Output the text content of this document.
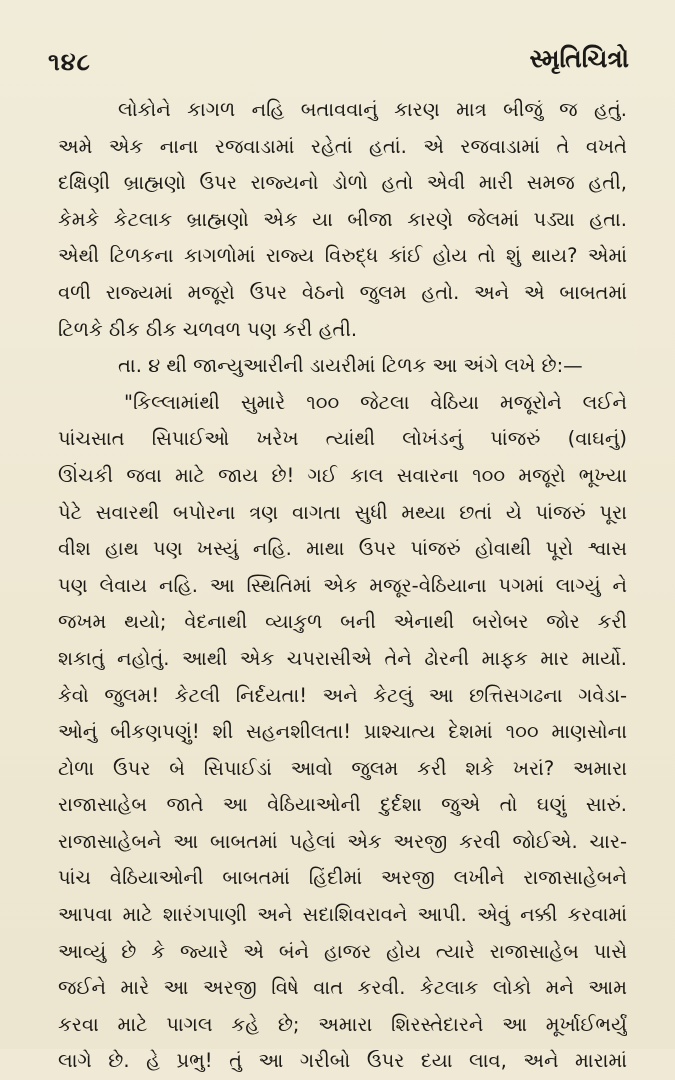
૧૪૮	સ્મૃતિચિત્રો
લોકોને કાગળ નહિ બતાવવાનું કારણ માત્ર બીજું જ હતું.
અમે એક નાના રજવાડામાં રહેતાં હતાં. એ રજવાડામાં તે વખતે
દક્ષિણી બ્રાહ્મણો ઉપર રાજ્યનો ડોળો હતો એવી મારી સમજ હતી,
કેમકે કેટલાક બ્રાહ્મણો એક યા બીજા કારણે જેલમાં પડ્યા હતા.
એથી ટિળકના કાગળોમાં રાજ્ય વિરુદ્ધ કાંઈ હોય તો શું થાય? એમાં
વળી રાજ્યમાં મજૂરો ઉપર વેઠનો જુલમ હતો. અને એ બાબતમાં
ટિળકે ઠીક ઠીક ચળવળ પણ કરી હતી.
તા. ૪ થી જાન્યુઆરીની ડાયરીમાં ટિળક આ અંગે લખે છે:—
"કિલ્લામાંથી સુમારે ૧૦૦ જેટલા વેઠિયા મજૂરોને લઈને
પાંચસાત સિપાઈઓ ખરેખ ત્યાંથી લોખંડનું પાંજરું (વાઘનું)
ઊંચકી જવા માટે જાય છે! ગઈ કાલ સવારના ૧૦૦ મજૂરો ભૂખ્યા
પેટે સવારથી બપોરના ત્રણ વાગતા સુધી મથ્યા છતાં યે પાંજરું પૂરા
વીશ હાથ પણ ખસ્યું નહિ. માથા ઉપર પાંજરું હોવાથી પૂરો શ્વાસ
પણ લેવાય નહિ. આ સ્થિતિમાં એક મજૂર-વેઠિયાના પગમાં લાગ્યું ને
જખમ થયો; વેદનાથી વ્યાકુળ બની એનાથી બરોબર જોર કરી
શકાતું નહોતું. આથી એક ચપરાસીએ તેને ઢોરની માફક માર માર્યો.
કેવો જુલમ! કેટલી નિર્દયતા! અને કેટલું આ છત્તિસગઢના ગવેડા-
ઓનું બીકણપણું! શી સહનશીલતા! પ્રાશ્ચાત્ય દેશમાં ૧૦૦ માણસોના
ટોળા ઉપર બે સિપાઈડાં આવો જુલમ કરી શકે ખરાં? અમારા
રાજાસાહેબ જાતે આ વેઠિયાઓની દુર્દશા જુએ તો ઘણું સારું.
રાજાસાહેબને આ બાબતમાં પહેલાં એક અરજી કરવી જોઈએ. ચાર-
પાંચ વેઠિયાઓની બાબતમાં હિંદીમાં અરજી લખીને રાજાસાહેબને
આપવા માટે શારંગપાણી અને સદાશિવરાવને આપી. એવું નક્કી કરવામાં
આવ્યું છે કે જ્યારે એ બંને હાજર હોય ત્યારે રાજાસાહેબ પાસે
જઈને મારે આ અરજી વિષે વાત કરવી. કેટલાક લોકો મને આમ
કરવા માટે પાગલ કહે છે; અમારા શિરસ્તેદારને આ મૂર્ખાઈભર્યું
લાગે છે. હે પ્રભુ! તું આ ગરીબો ઉપર દયા લાવ, અને મારામાં
